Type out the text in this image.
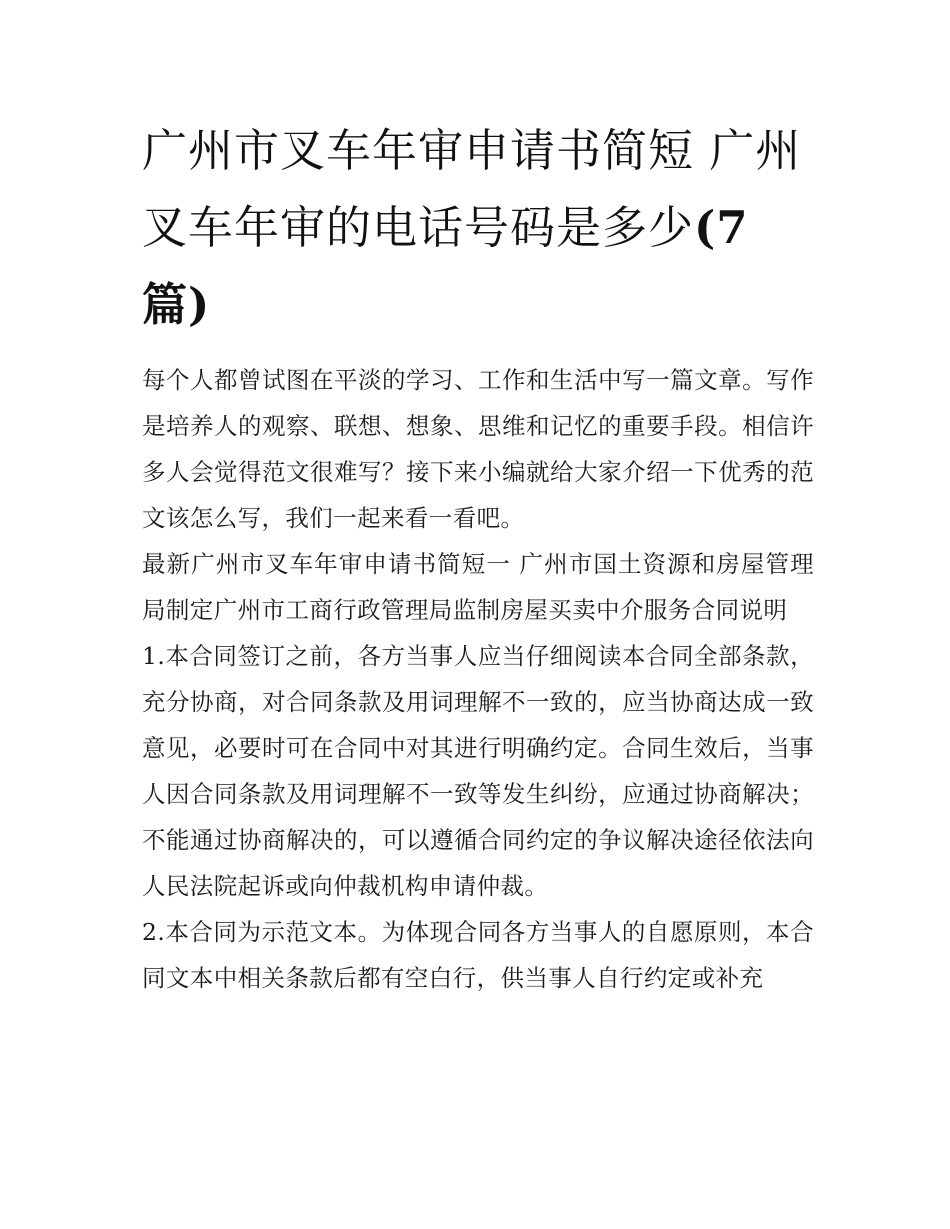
广州市叉车年审申请书简短 广州叉车年审的电话号码是多少(7 篇)

每个人都曾试图在平淡的学习、工作和生活中写一篇文章。写作是培养人的观察、联想、想象、思维和记忆的重要手段。相信许多人会觉得范文很难写？接下来小编就给大家介绍一下优秀的范文该怎么写，我们一起来看一看吧。

最新广州市叉车年审申请书简短一 广州市国土资源和房屋管理局制定广州市工商行政管理局监制房屋买卖中介服务合同说明

1.本合同签订之前，各方当事人应当仔细阅读本合同全部条款，充分协商，对合同条款及用词理解不一致的，应当协商达成一致意见，必要时可在合同中对其进行明确约定。合同生效后，当事人因合同条款及用词理解不一致等发生纠纷，应通过协商解决；不能通过协商解决的，可以遵循合同约定的争议解决途径依法向人民法院起诉或向仲裁机构申请仲裁。

2.本合同为示范文本。为体现合同各方当事人的自愿原则，本合同文本中相关条款后都有空白行，供当事人自行约定或补充
